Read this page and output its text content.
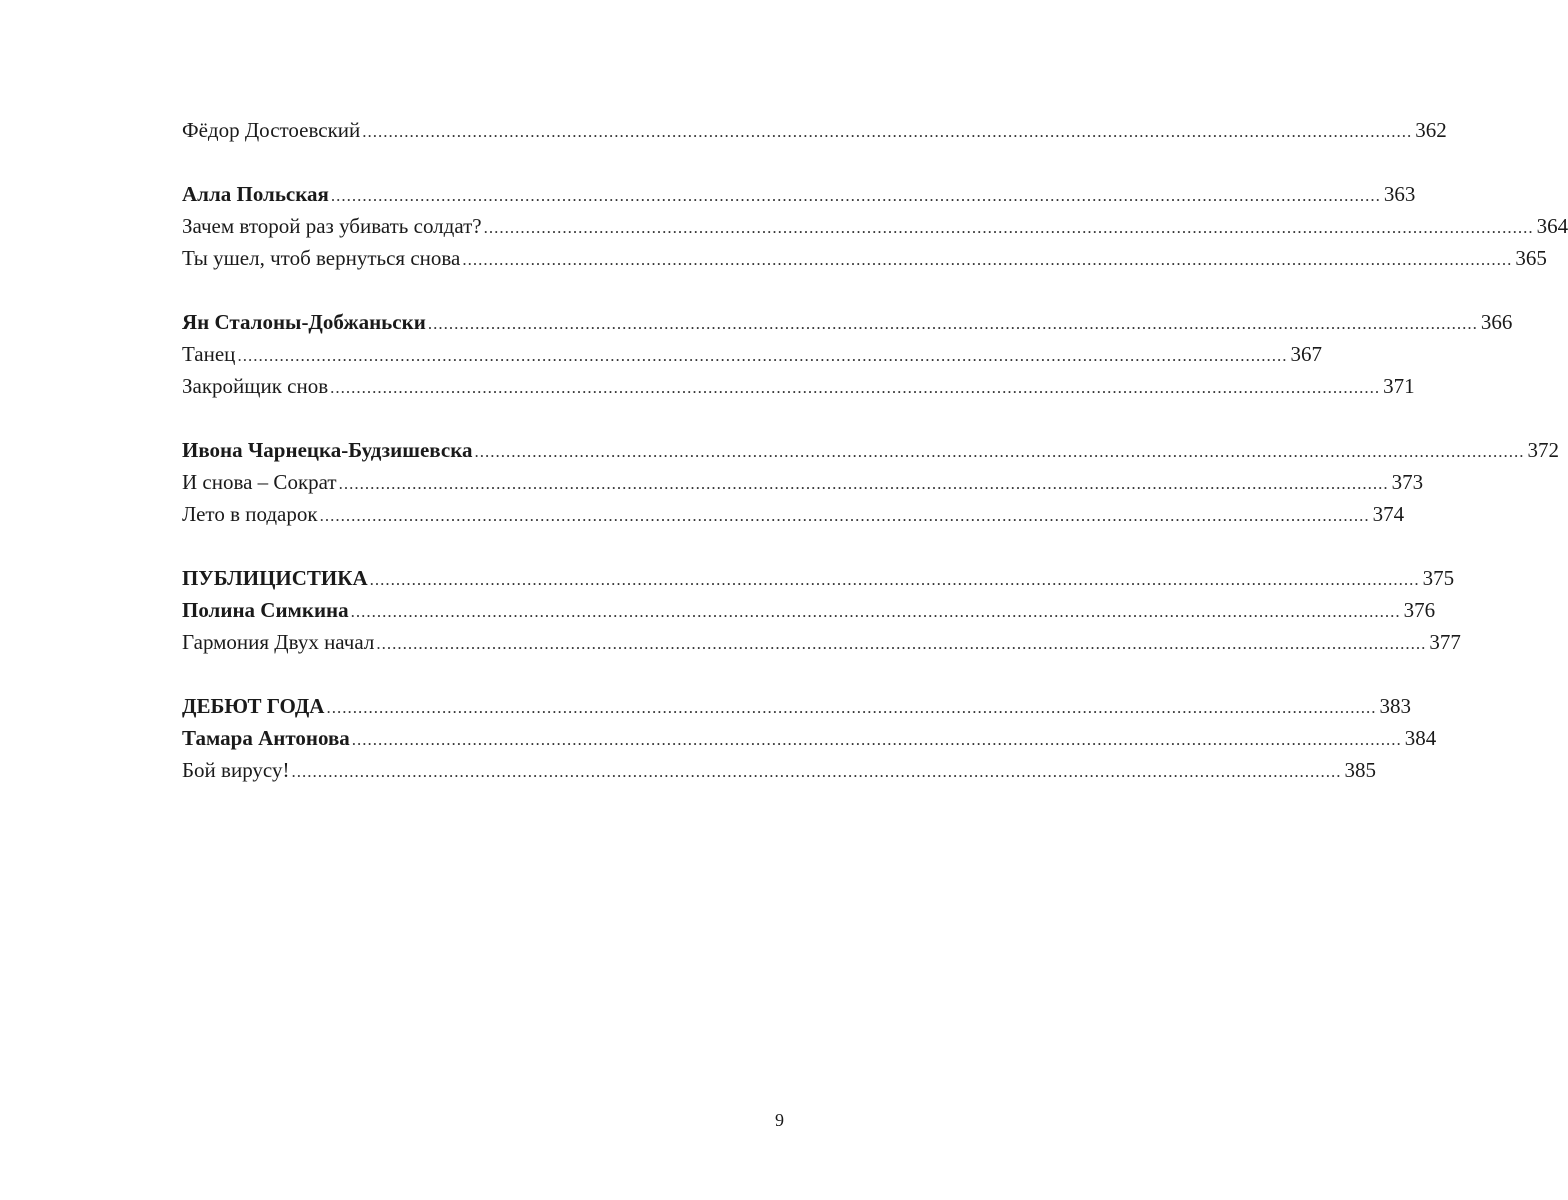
Фёдор Достоевский ........................................................................................................................................................................................................ 362
Алла Польская ........................................................................................................................................................................................................ 363
Зачем второй раз убивать солдат? ........................................................................................................................................................................................................ 364
Ты ушел, чтоб вернуться снова ........................................................................................................................................................................................................ 365
Ян Сталоны-Добжаньски ........................................................................................................................................................................................................ 366
Танец ........................................................................................................................................................................................................ 367
Закройщик снов ........................................................................................................................................................................................................ 371
Ивона Чарнецка-Будзишевска ........................................................................................................................................................................................................ 372
И снова – Сократ ........................................................................................................................................................................................................ 373
Лето в подарок ........................................................................................................................................................................................................ 374
ПУБЛИЦИСТИКА ........................................................................................................................................................................................................ 375
Полина Симкина ........................................................................................................................................................................................................ 376
Гармония Двух начал ........................................................................................................................................................................................................ 377
ДЕБЮТ ГОДА ........................................................................................................................................................................................................ 383
Тамара Антонова ........................................................................................................................................................................................................ 384
Бой вирусу! ........................................................................................................................................................................................................ 385
9
